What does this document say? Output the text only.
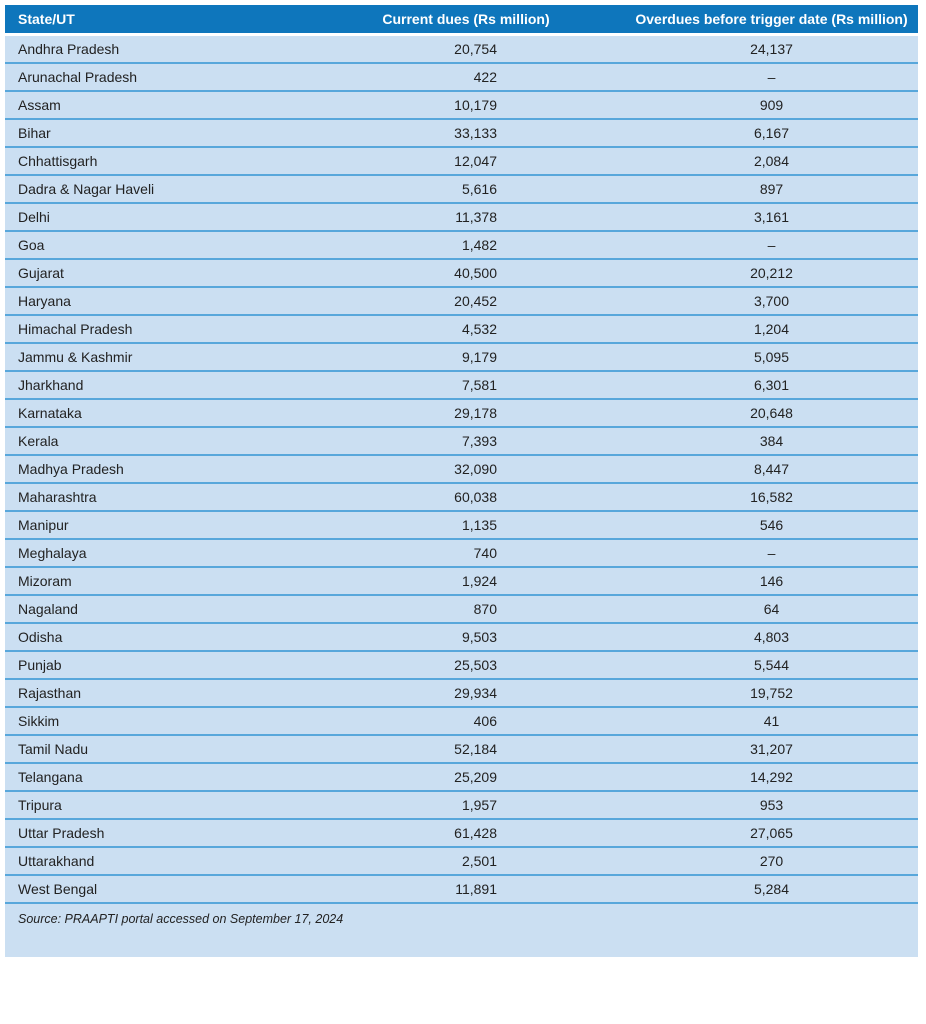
State/UT	Current dues (Rs million)	Overdues before trigger date (Rs million)
Andhra Pradesh	20,754	24,137
Arunachal Pradesh	422	–
Assam	10,179	909
Bihar	33,133	6,167
Chhattisgarh	12,047	2,084
Dadra & Nagar Haveli	5,616	897
Delhi	11,378	3,161
Goa	1,482	–
Gujarat	40,500	20,212
Haryana	20,452	3,700
Himachal Pradesh	4,532	1,204
Jammu & Kashmir	9,179	5,095
Jharkhand	7,581	6,301
Karnataka	29,178	20,648
Kerala	7,393	384
Madhya Pradesh	32,090	8,447
Maharashtra	60,038	16,582
Manipur	1,135	546
Meghalaya	740	–
Mizoram	1,924	146
Nagaland	870	64
Odisha	9,503	4,803
Punjab	25,503	5,544
Rajasthan	29,934	19,752
Sikkim	406	41
Tamil Nadu	52,184	31,207
Telangana	25,209	14,292
Tripura	1,957	953
Uttar Pradesh	61,428	27,065
Uttarakhand	2,501	270
West Bengal	11,891	5,284
Source: PRAAPTI portal accessed on September 17, 2024
